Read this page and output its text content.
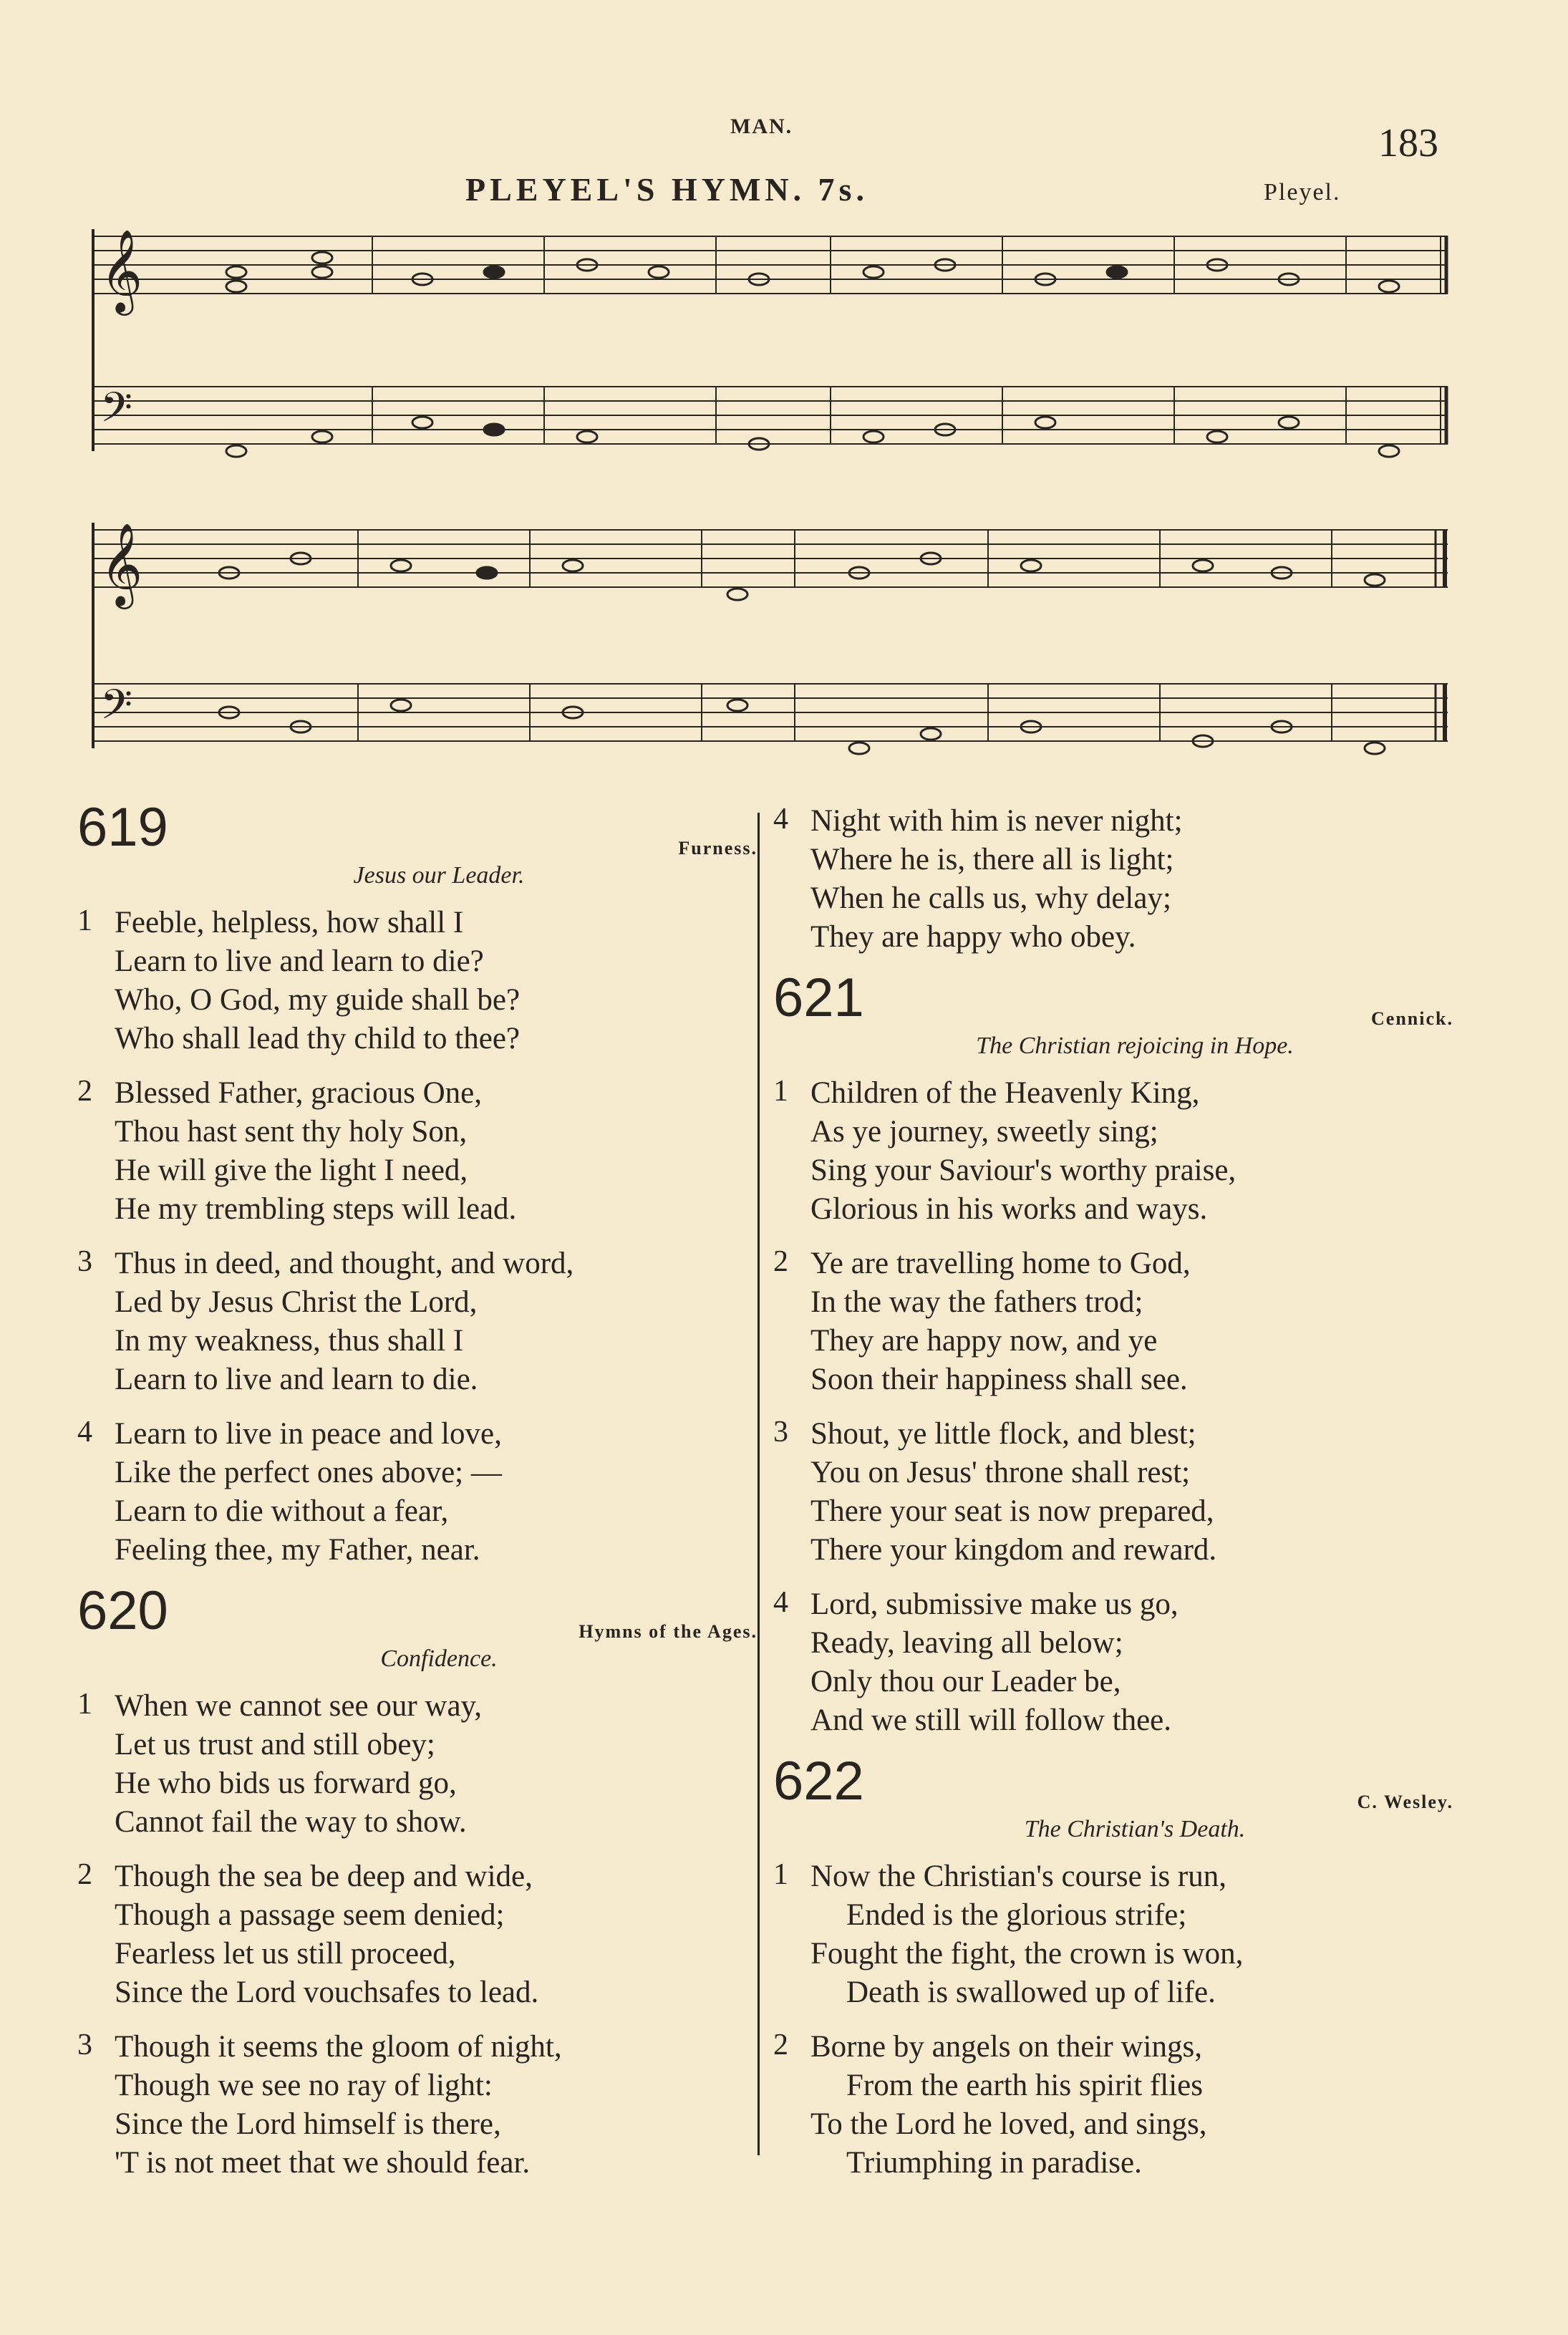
MAN.	183
PLEYEL'S HYMN. 7s.	Pleyel.
𝄞
𝄢
𝄞
𝄢
619	Furness.
Jesus our Leader.
1 Feeble, helpless, how shall I
Learn to live and learn to die?
Who, O God, my guide shall be?
Who shall lead thy child to thee?
2 Blessed Father, gracious One,
Thou hast sent thy holy Son,
He will give the light I need,
He my trembling steps will lead.
3 Thus in deed, and thought, and word,
Led by Jesus Christ the Lord,
In my weakness, thus shall I
Learn to live and learn to die.
4 Learn to live in peace and love,
Like the perfect ones above; —
Learn to die without a fear,
Feeling thee, my Father, near.
620	Hymns of the Ages.
Confidence.
1 When we cannot see our way,
Let us trust and still obey;
He who bids us forward go,
Cannot fail the way to show.
2 Though the sea be deep and wide,
Though a passage seem denied;
Fearless let us still proceed,
Since the Lord vouchsafes to lead.
3 Though it seems the gloom of night,
Though we see no ray of light:
Since the Lord himself is there,
'T is not meet that we should fear.
4 Night with him is never night;
Where he is, there all is light;
When he calls us, why delay;
They are happy who obey.
621	Cennick.
The Christian rejoicing in Hope.
1 Children of the Heavenly King,
As ye journey, sweetly sing;
Sing your Saviour's worthy praise,
Glorious in his works and ways.
2 Ye are travelling home to God,
In the way the fathers trod;
They are happy now, and ye
Soon their happiness shall see.
3 Shout, ye little flock, and blest;
You on Jesus' throne shall rest;
There your seat is now prepared,
There your kingdom and reward.
4 Lord, submissive make us go,
Ready, leaving all below;
Only thou our Leader be,
And we still will follow thee.
622	C. Wesley.
The Christian's Death.
1 Now the Christian's course is run,
Ended is the glorious strife;
Fought the fight, the crown is won,
Death is swallowed up of life.
2 Borne by angels on their wings,
From the earth his spirit flies
To the Lord he loved, and sings,
Triumphing in paradise.
